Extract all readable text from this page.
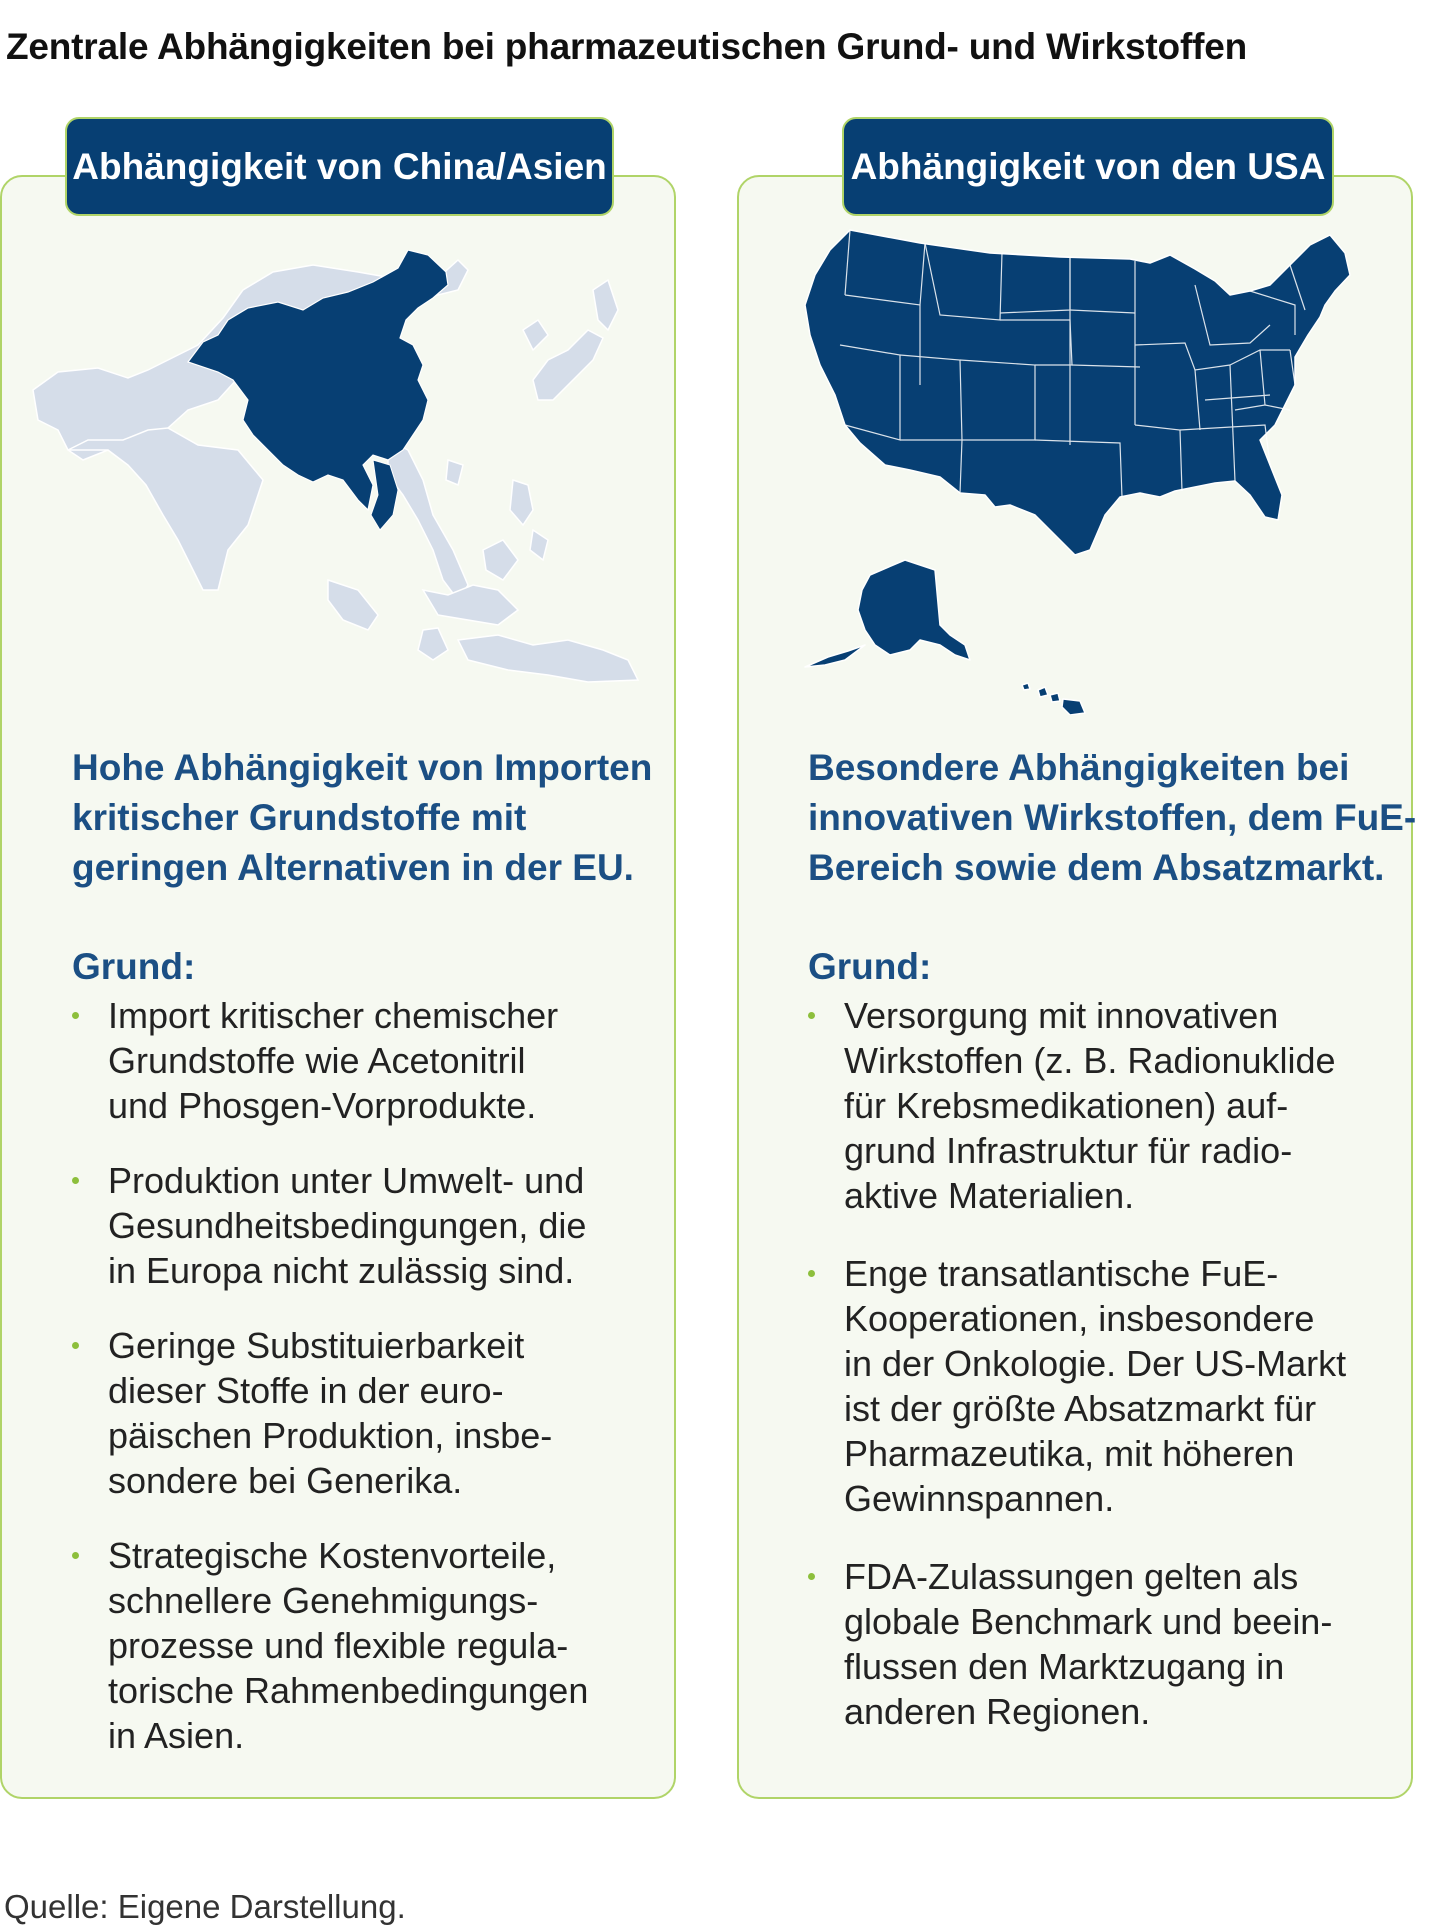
Zentrale Abhängigkeiten bei pharmazeutischen Grund- und Wirkstoffen
Abhängigkeit von China/Asien
Hohe Abhängigkeit von Importen
kritischer Grundstoffe mit
geringen Alternativen in der EU.
Grund:
Import kritischer chemischer
Grundstoffe wie Acetonitril
und Phosgen-Vorprodukte.
Produktion unter Umwelt- und
Gesundheitsbedingungen, die
in Europa nicht zulässig sind.
Geringe Substituierbarkeit
dieser Stoffe in der euro-
päischen Produktion, insbe-
sondere bei Generika.
Strategische Kostenvorteile,
schnellere Genehmigungs-
prozesse und flexible regula-
torische Rahmenbedingungen
in Asien.
Abhängigkeit von den USA
Besondere Abhängigkeiten bei
innovativen Wirkstoffen, dem FuE-
Bereich sowie dem Absatzmarkt.
Grund:
Versorgung mit innovativen
Wirkstoffen (z. B. Radionuklide
für Krebsmedikationen) auf-
grund Infrastruktur für radio-
aktive Materialien.
Enge transatlantische FuE-
Kooperationen, insbesondere
in der Onkologie. Der US-Markt
ist der größte Absatzmarkt für
Pharmazeutika, mit höheren
Gewinnspannen.
FDA-Zulassungen gelten als
globale Benchmark und beein-
flussen den Marktzugang in
anderen Regionen.
Quelle: Eigene Darstellung.
